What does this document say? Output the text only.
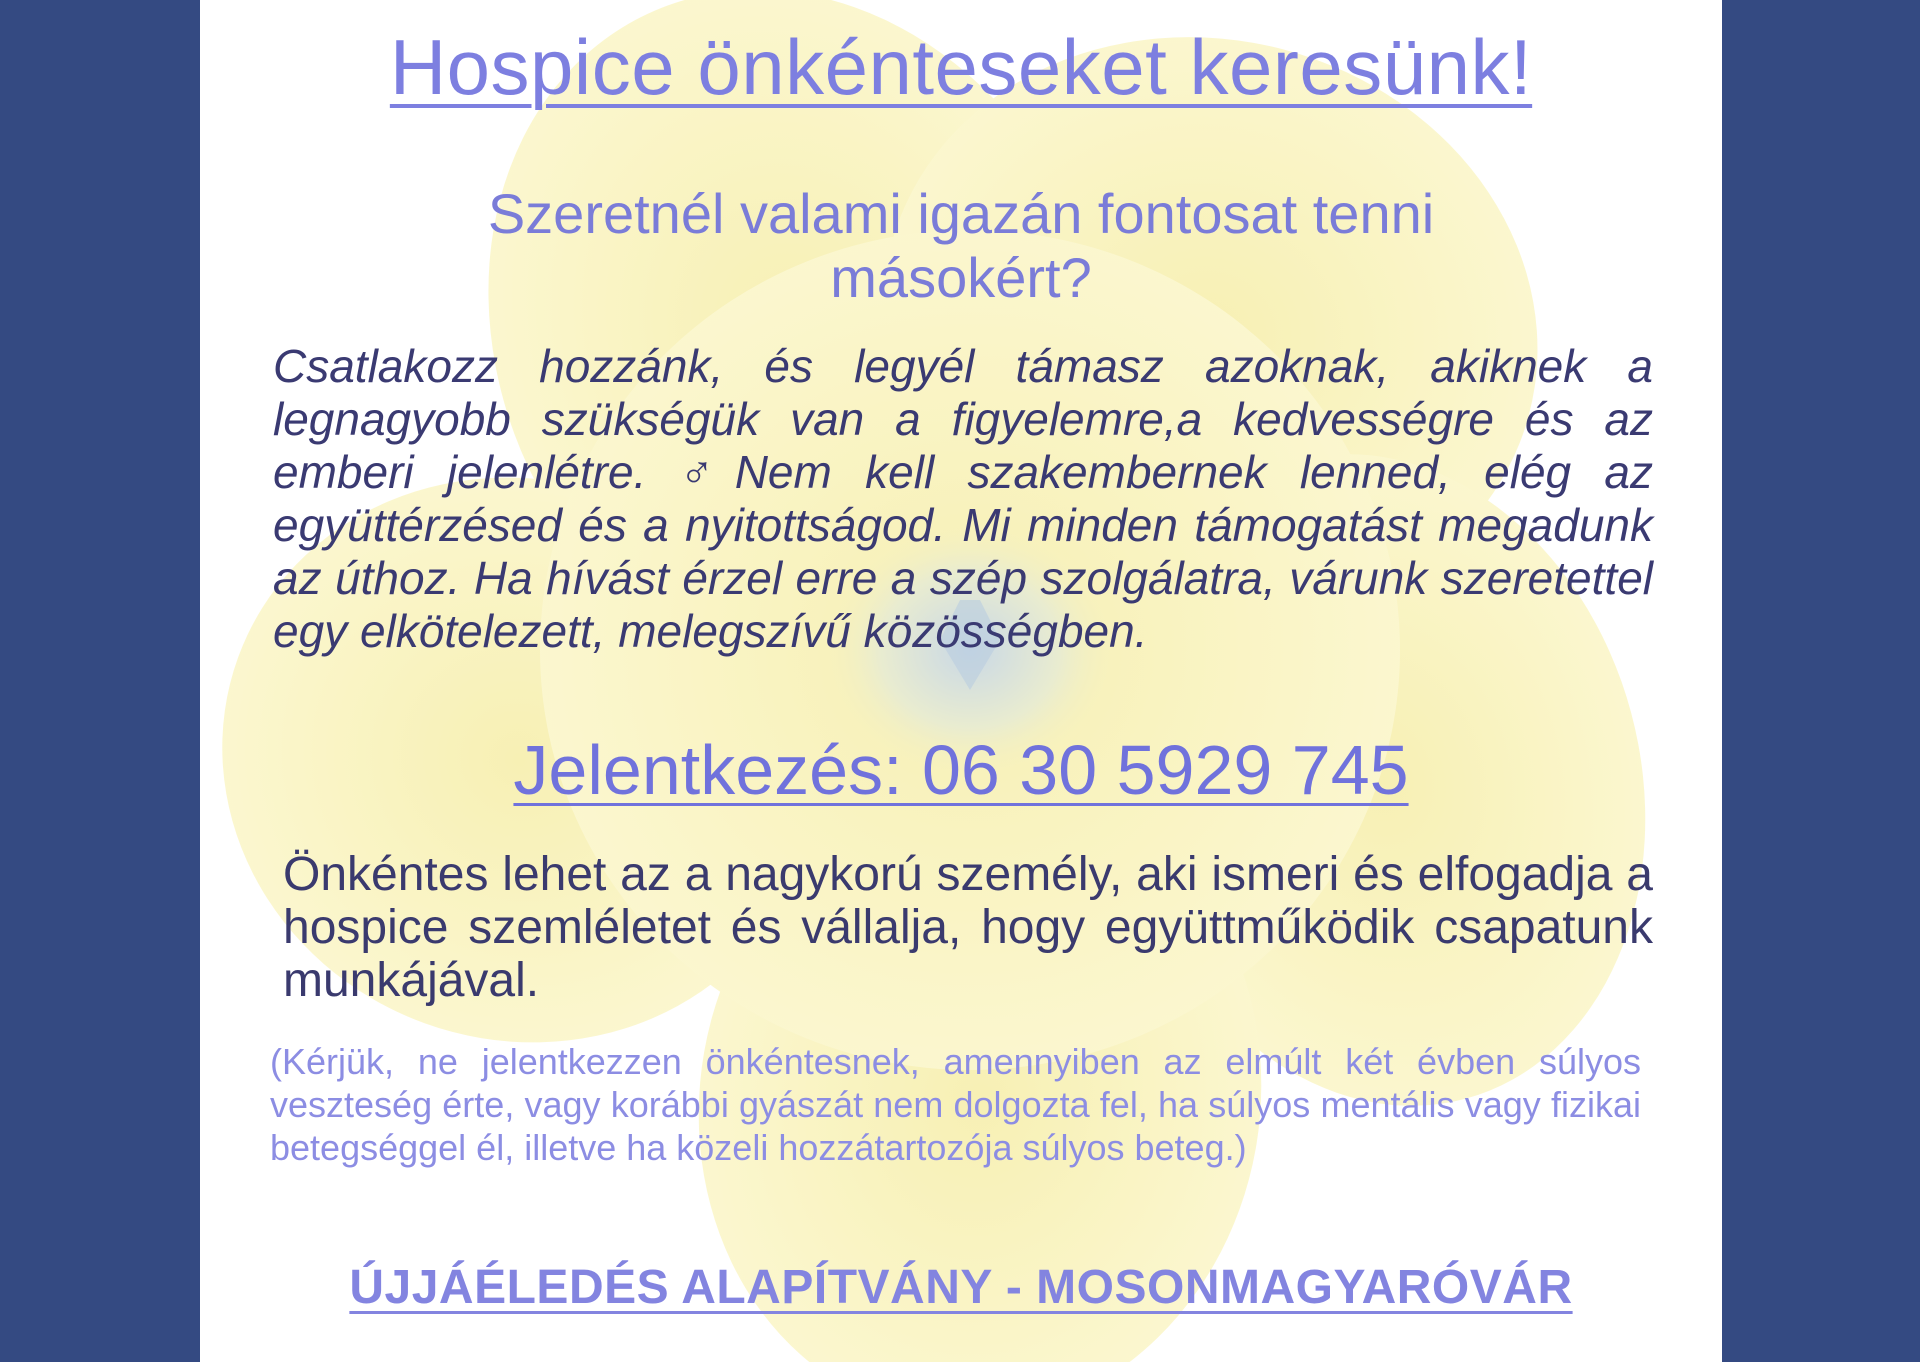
Hospice önkénteseket keresünk!
Szeretnél valami igazán fontosat tenni másokért?

Csatlakozz hozzánk, és legyél támasz azoknak, akiknek a legnagyobb szükségük van a figyelemre,a kedvességre és az emberi jelenlétre. ♂Nem kell szakembernek lenned, elég az együttérzésed és a nyitottságod. Mi minden támogatást megadunk az úthoz. Ha hívást érzel erre a szép szolgálatra, várunk szeretettel egy elkötelezett, melegszívű közösségben.

Jelentkezés: 06 30 5929 745

Önkéntes lehet az a nagykorú személy, aki ismeri és elfogadja a hospice szemléletet és vállalja, hogy együttműködik csapatunk munkájával.

(Kérjük, ne jelentkezzen önkéntesnek, amennyiben az elmúlt két évben súlyos veszteség érte, vagy korábbi gyászát nem dolgozta fel, ha súlyos mentális vagy fizikai betegséggel él, illetve ha közeli hozzátartozója súlyos beteg.)

ÚJJÁÉLEDÉS ALAPÍTVÁNY - MOSONMAGYARÓVÁR
